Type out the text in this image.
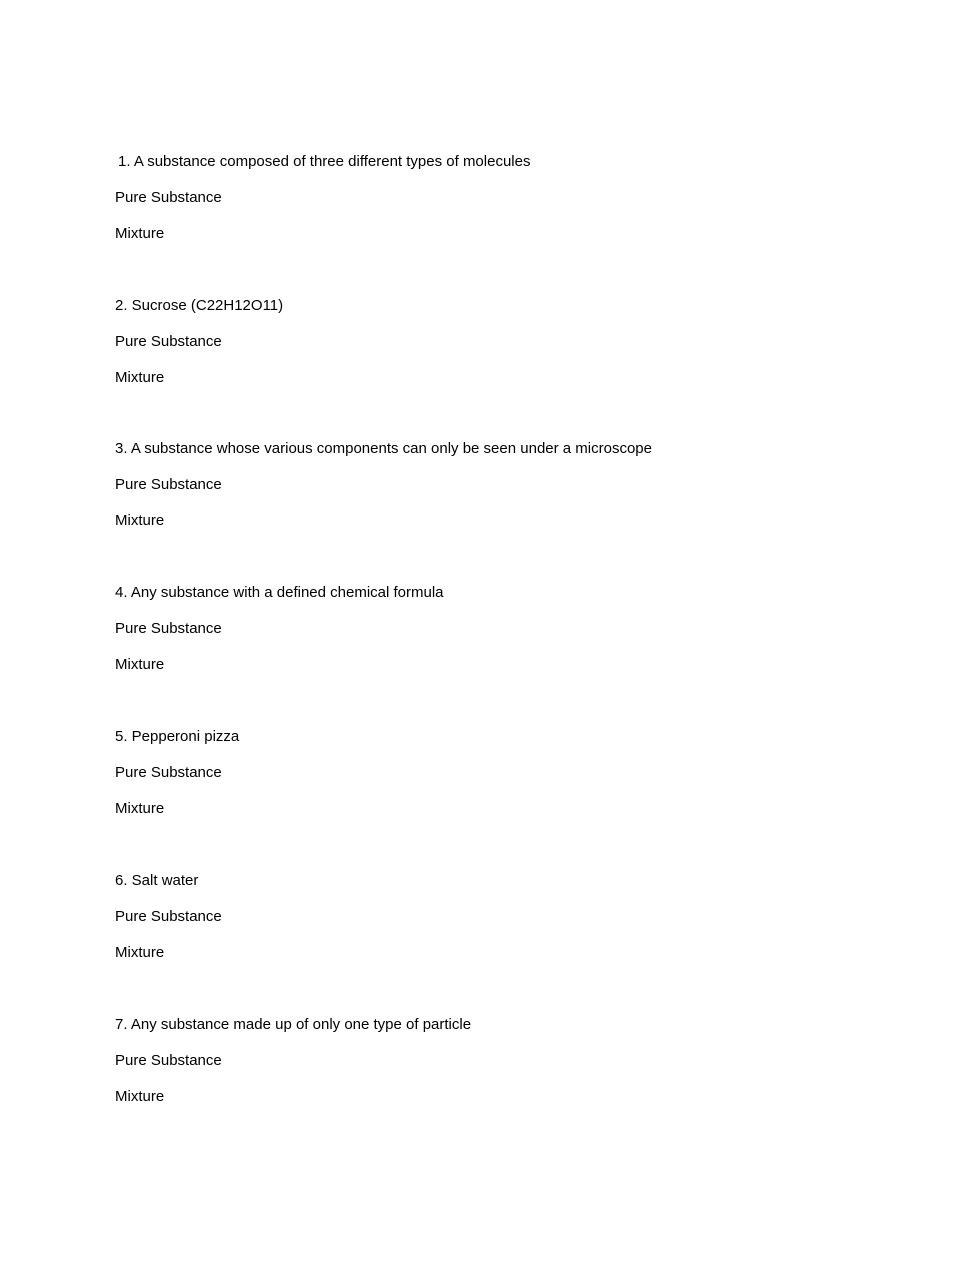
1. A substance composed of three different types of molecules
Pure Substance
Mixture
2. Sucrose (C22H12O11)
Pure Substance
Mixture
3. A substance whose various components can only be seen under a microscope
Pure Substance
Mixture
4. Any substance with a defined chemical formula
Pure Substance
Mixture
5. Pepperoni pizza
Pure Substance
Mixture
6. Salt water
Pure Substance
Mixture
7. Any substance made up of only one type of particle
Pure Substance
Mixture
